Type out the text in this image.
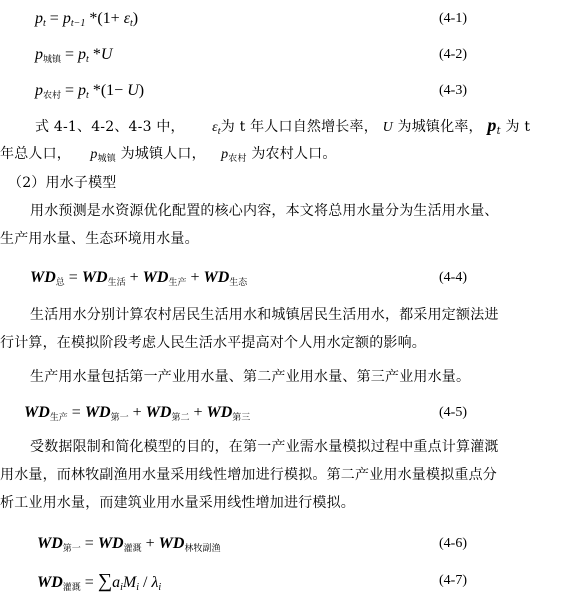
$p_t = p_{t-1}$ $*(1+ \varepsilon_t)$	(4-1)
$p_{城镇} = p_t$ *U	(4-2)
$p_{农村} = p_t$ *(1− U)	(4-3)
式 4-1、4-2、4-3 中， $\varepsilon_t$为 t 年人口自然增长率， U 为城镇化率， $p_t$ 为 t
年总人口， $p_{城镇}$ 为城镇人口， $p_{农村}$ 为农村人口。
（2）用水子模型
用水预测是水资源优化配置的核心内容，本文将总用水量分为生活用水量、
生产用水量、生态环境用水量。
$WD_总 = WD_{生活} + WD_{生产} + WD_{生态}$	(4-4)
生活用水分别计算农村居民生活用水和城镇居民生活用水，都采用定额法进
行计算，在模拟阶段考虑人民生活水平提高对个人用水定额的影响。
生产用水量包括第一产业用水量、第二产业用水量、第三产业用水量。
$WD_{生产} = WD_{第一} + WD_{第二} + WD_{第三}$	(4-5)
受数据限制和简化模型的目的，在第一产业需水量模拟过程中重点计算灌溉
用水量，而林牧副渔用水量采用线性增加进行模拟。第二产业用水量模拟重点分
析工业用水量，而建筑业用水量采用线性增加进行模拟。
$WD_{第一} = WD_{灌溉} + WD_{林牧副渔}$	(4-6)
$WD_{灌溉} = \sum a_iM_i / \lambda_i$	(4-7)
